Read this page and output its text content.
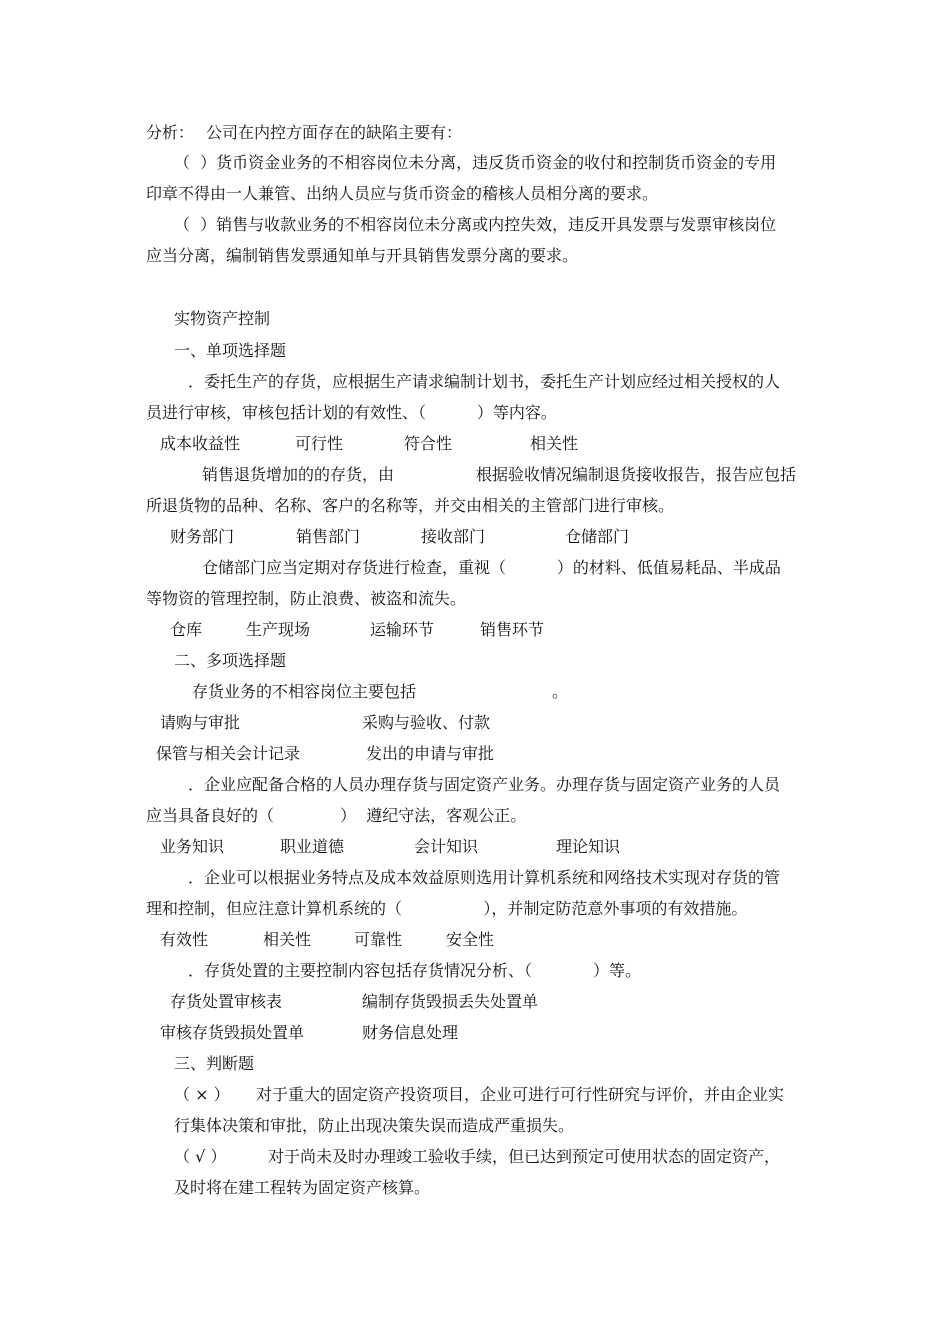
分析： 公司在内控方面存在的缺陷主要有：
（  ）货币资金业务的不相容岗位未分离，违反货币资金的收付和控制货币资金的专用
印章不得由一人兼管、出纳人员应与货币资金的稽核人员相分离的要求。
（  ）销售与收款业务的不相容岗位未分离或内控失效，违反开具发票与发票审核岗位
应当分离，编制销售发票通知单与开具销售发票分离的要求。
实物资产控制
一、单项选择题
．委托生产的存货，应根据生产请求编制计划书，委托生产计划应经过相关授权的人
员进行审核，审核包括计划的有效性、（          ）等内容。
成本收益性	可行性	符合性	相关性
销售退货增加的的存货，由	根据验收情况编制退货接收报告，报告应包括
所退货物的品种、名称、客户的名称等，并交由相关的主管部门进行审核。
财务部门	销售部门	接收部门	仓储部门
仓储部门应当定期对存货进行检查，重视（          ）的材料、低值易耗品、半成品
等物资的管理控制，防止浪费、被盗和流失。
仓库	生产现场	运输环节	销售环节
二、多项选择题
存货业务的不相容岗位主要包括	。
请购与审批	采购与验收、付款
保管与相关会计记录	发出的申请与审批
．企业应配备合格的人员办理存货与固定资产业务。办理存货与固定资产业务的人员
应当具备良好的（             ）  遵纪守法，客观公正。
业务知识	职业道德	会计知识	理论知识
．企业可以根据业务特点及成本效益原则选用计算机系统和网络技术实现对存货的管
理和控制，但应注意计算机系统的（                ），并制定防范意外事项的有效措施。
有效性	相关性	可靠性	安全性
．存货处置的主要控制内容包括存货情况分析、（            ）等。
存货处置审核表	编制存货毁损丢失处置单
审核存货毁损处置单	财务信息处理
三、判断题
（ × ） 对于重大的固定资产投资项目，企业可进行可行性研究与评价，并由企业实
行集体决策和审批，防止出现决策失误而造成严重损失。
（ √ ）	对于尚未及时办理竣工验收手续，但已达到预定可使用状态的固定资产，
及时将在建工程转为固定资产核算。
